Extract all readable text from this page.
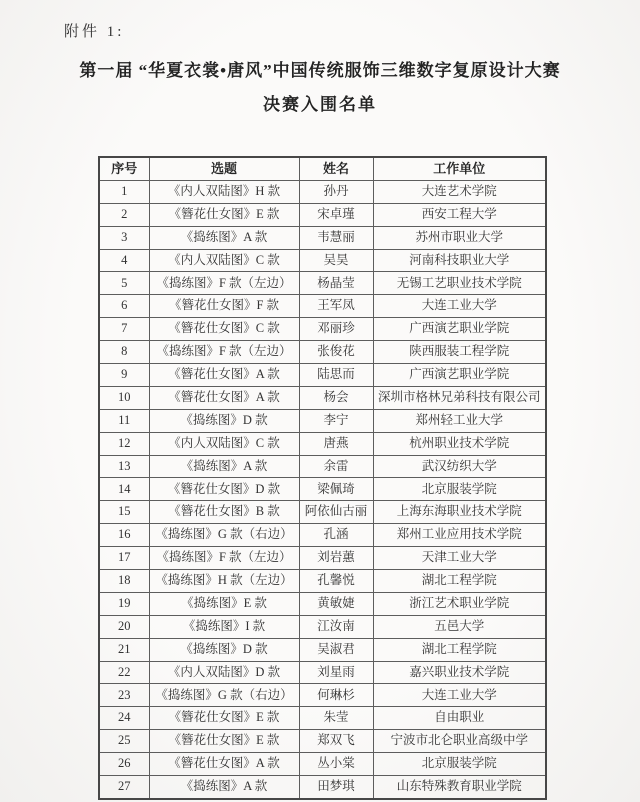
附件 1:
第一届 “华夏衣裳•唐风”中国传统服饰三维数字复原设计大赛
决赛入围名单
序号	选题	姓名	工作单位
1	《内人双陆图》H 款	孙丹	大连艺术学院
2	《簪花仕女图》E 款	宋卓瑾	西安工程大学
3	《捣练图》A 款	韦慧丽	苏州市职业大学
4	《内人双陆图》C 款	吴昊	河南科技职业大学
5	《捣练图》F 款（左边）	杨晶莹	无锡工艺职业技术学院
6	《簪花仕女图》F 款	王军凤	大连工业大学
7	《簪花仕女图》C 款	邓丽珍	广西演艺职业学院
8	《捣练图》F 款（左边）	张俊花	陕西服装工程学院
9	《簪花仕女图》A 款	陆思而	广西演艺职业学院
10	《簪花仕女图》A 款	杨会	深圳市格林兄弟科技有限公司
11	《捣练图》D 款	李宁	郑州轻工业大学
12	《内人双陆图》C 款	唐燕	杭州职业技术学院
13	《捣练图》A 款	余雷	武汉纺织大学
14	《簪花仕女图》D 款	梁佩琦	北京服装学院
15	《簪花仕女图》B 款	阿依仙古丽	上海东海职业技术学院
16	《捣练图》G 款（右边）	孔涵	郑州工业应用技术学院
17	《捣练图》F 款（左边）	刘岩蕙	天津工业大学
18	《捣练图》H 款（左边）	孔馨悦	湖北工程学院
19	《捣练图》E 款	黄敏婕	浙江艺术职业学院
20	《捣练图》I 款	江汝南	五邑大学
21	《捣练图》D 款	吴淑君	湖北工程学院
22	《内人双陆图》D 款	刘星雨	嘉兴职业技术学院
23	《捣练图》G 款（右边）	何琳杉	大连工业大学
24	《簪花仕女图》E 款	朱莹	自由职业
25	《簪花仕女图》E 款	郑双飞	宁波市北仑职业高级中学
26	《簪花仕女图》A 款	丛小棠	北京服装学院
27	《捣练图》A 款	田梦琪	山东特殊教育职业学院
